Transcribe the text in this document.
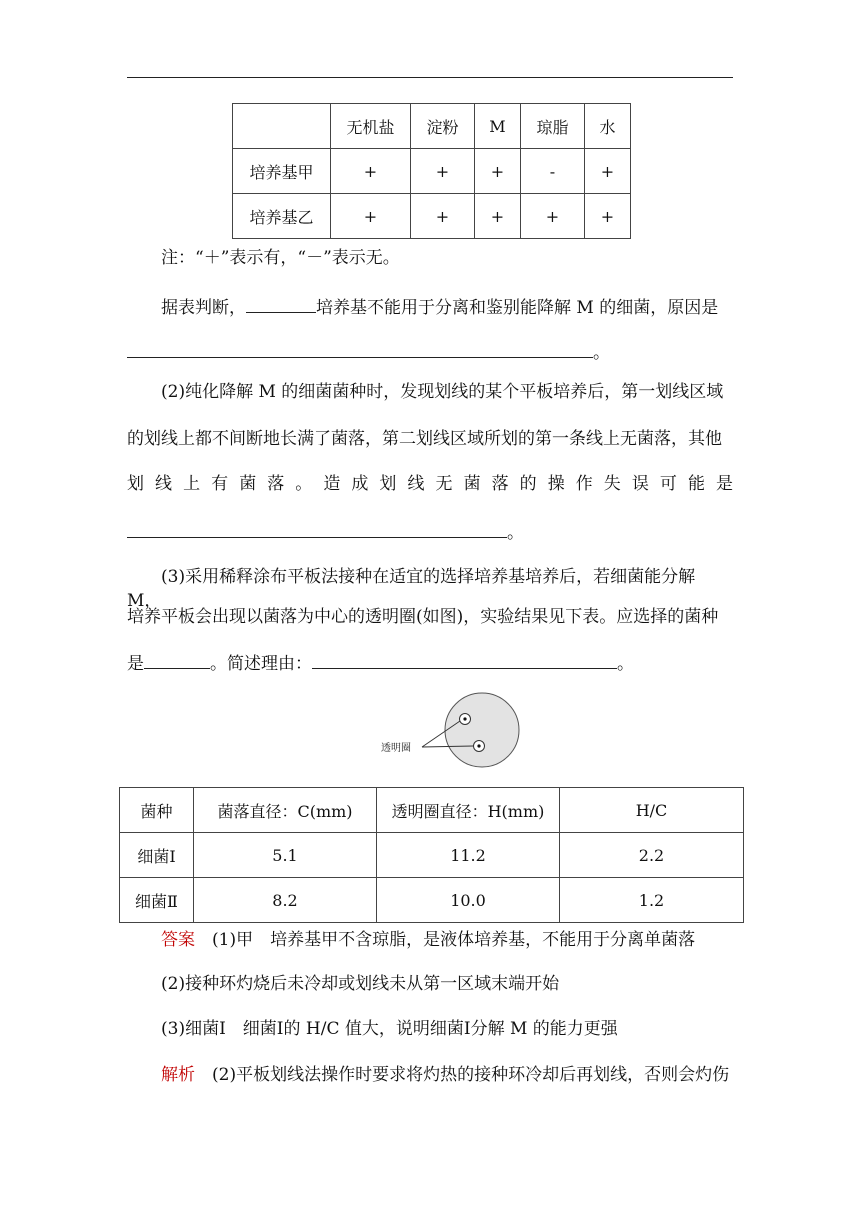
	无机盐	淀粉	M	琼脂	水
培养基甲	+	+	+	-	+
培养基乙	+	+	+	+	+
注：“＋”表示有，“－”表示无。
据表判断，	培养基不能用于分离和鉴别能降解 M 的细菌，原因是
。
(2)纯化降解 M 的细菌菌种时，发现划线的某个平板培养后，第一划线区域
的划线上都不间断地长满了菌落，第二划线区域所划的第一条线上无菌落，其他
划 线 上 有 菌 落 。 造 成 划 线 无 菌 落 的 操 作 失 误 可 能 是
。
(3)采用稀释涂布平板法接种在适宜的选择培养基培养后，若细菌能分解 M，
培养平板会出现以菌落为中心的透明圈(如图)，实验结果见下表。应选择的菌种
是	。简述理由：	。
透明圈
菌种	菌落直径：C(mm)	透明圈直径：H(mm)	H/C
细菌Ⅰ	5.1	11.2	2.2
细菌Ⅱ	8.2	10.0	1.2
答案　 (1)甲　培养基甲不含琼脂，是液体培养基，不能用于分离单菌落
(2)接种环灼烧后未冷却或划线未从第一区域末端开始
(3)细菌Ⅰ　细菌Ⅰ的 H/C 值大，说明细菌Ⅰ分解 M 的能力更强
解析　 (2)平板划线法操作时要求将灼热的接种环冷却后再划线，否则会灼伤
